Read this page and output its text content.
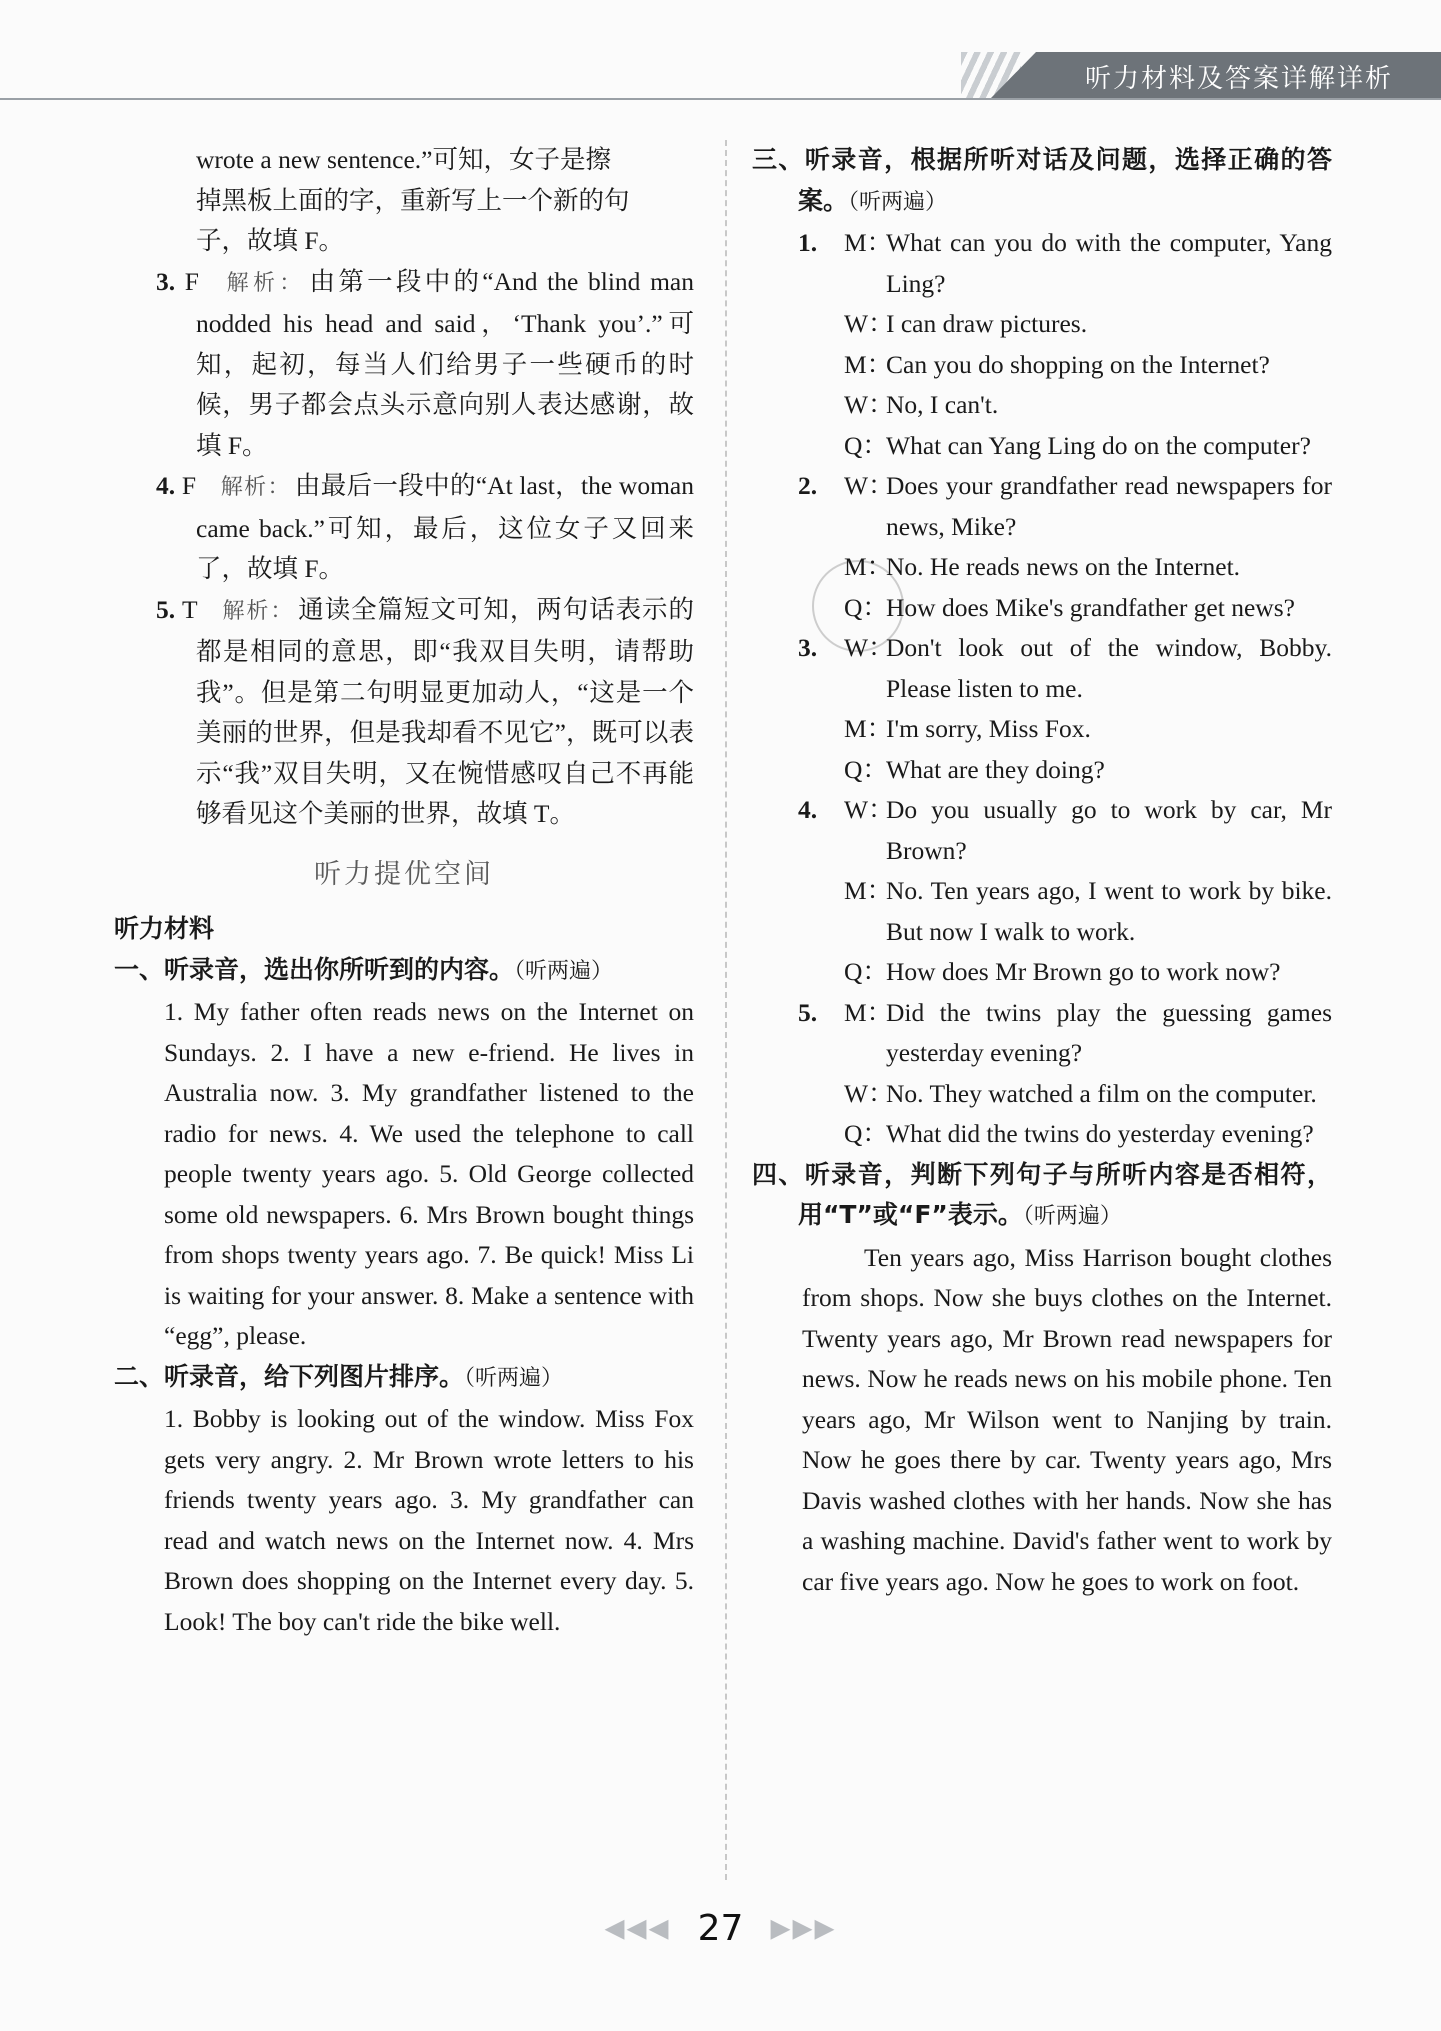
听力材料及答案详解详析

wrote a new sentence.”可知，女子是擦

掉黑板上面的字，重新写上一个新的句

子，故填 F。

3. F 解析： 由第一段中的“And the blind man nodded his head and said，‘Thank you’.”可知，起初，每当人们给男子一些硬币的时候，男子都会点头示意向别人表达感谢，故填 F。
4. F 解析： 由最后一段中的“At last，the woman came back.”可知，最后，这位女子又回来了，故填 F。
5. T 解析： 通读全篇短文可知，两句话表示的都是相同的意思，即“我双目失明，请帮助我”。但是第二句明显更加动人，“这是一个美丽的世界，但是我却看不见它”，既可以表示“我”双目失明，又在惋惜感叹自己不再能够看见这个美丽的世界，故填 T。
听力提优空间

听力材料

一、听录音，选出你所听到的内容。（听两遍）

1. My father often reads news on the Internet on Sundays. 2. I have a new e-friend. He lives in Australia now. 3. My grandfather listened to the radio for news. 4. We used the telephone to call people twenty years ago. 5. Old George collected some old newspapers. 6. Mrs Brown bought things from shops twenty years ago. 7. Be quick! Miss Li is waiting for your answer. 8. Make a sentence with “egg”, please.

二、听录音，给下列图片排序。（听两遍）

1. Bobby is looking out of the window. Miss Fox gets very angry. 2. Mr Brown wrote letters to his friends twenty years ago. 3. My grandfather can read and watch news on the Internet now. 4. Mrs Brown does shopping on the Internet every day. 5. Look! The boy can't ride the bike well.

三、听录音，根据所听对话及问题，选择正确的答案。（听两遍）

1.	M：
What can you do with the computer, Yang Ling?
W：
I can draw pictures.
M：
Can you do shopping on the Internet?
W：
No, I can't.
Q：
What can Yang Ling do on the computer?
2.	W：
Does your grandfather read newspapers for news, Mike?
M：
No. He reads news on the Internet.
Q：
How does Mike's grandfather get news?
3.	W：
Don't look out of the window, Bobby. Please listen to me.
M：
I'm sorry, Miss Fox.
Q：
What are they doing?
4.	W：
Do you usually go to work by car, Mr Brown?
M：
No. Ten years ago, I went to work by bike. But now I walk to work.
Q：
How does Mr Brown go to work now?
5.	M：
Did the twins play the guessing games yesterday evening?
W：
No. They watched a film on the computer.
Q：
What did the twins do yesterday evening?

四、听录音，判断下列句子与所听内容是否相符，用“T”或“F”表示。（听两遍）

Ten years ago, Miss Harrison bought clothes from shops. Now she buys clothes on the Internet. Twenty years ago, Mr Brown read newspapers for news. Now he reads news on his mobile phone. Ten years ago, Mr Wilson went to Nanjing by train. Now he goes there by car. Twenty years ago, Mrs Davis washed clothes with her hands. Now she has a washing machine. David's father went to work by car five years ago. Now he goes to work on foot.

◀◀◀ 27 ▶▶▶
